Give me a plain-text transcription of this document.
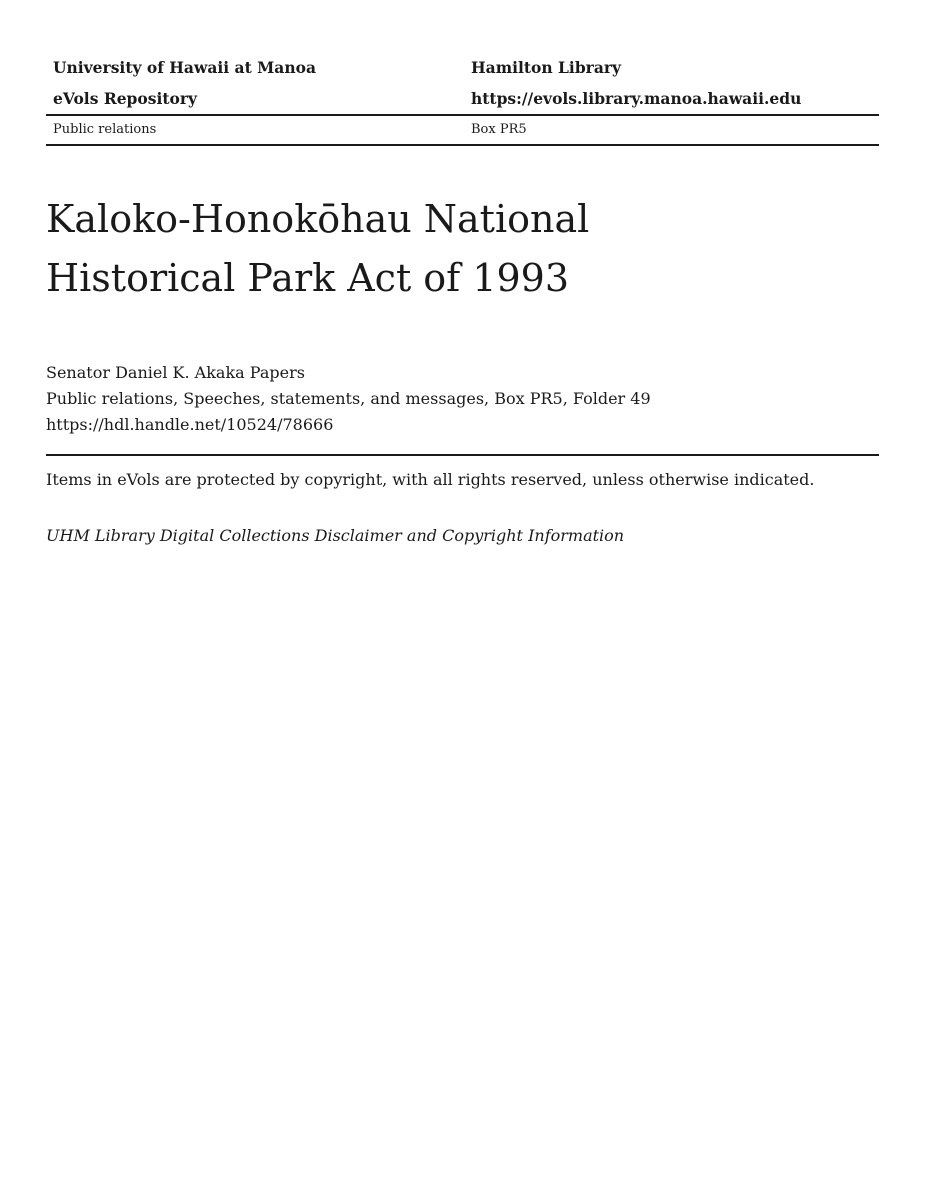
University of Hawaii at Manoa	Hamilton Library
eVols Repository	https://evols.library.manoa.hawaii.edu
Public relations	Box PR5
Kaloko-Honokōhau National
Historical Park Act of 1993
Senator Daniel K. Akaka Papers
Public relations, Speeches, statements, and messages, Box PR5, Folder 49
https://hdl.handle.net/10524/78666
Items in eVols are protected by copyright, with all rights reserved, unless otherwise indicated.
UHM Library Digital Collections Disclaimer and Copyright Information
